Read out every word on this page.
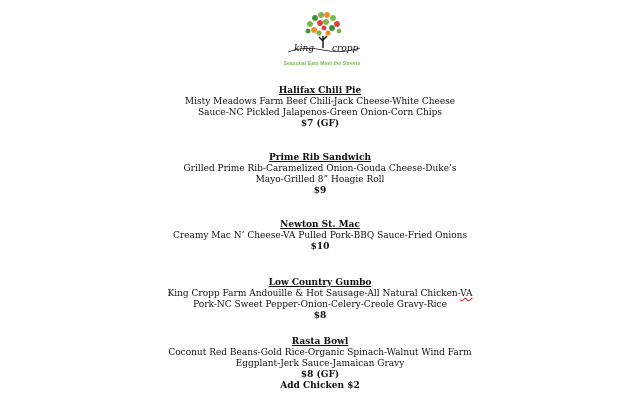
king cropp
Seasonal Eats Meet the Streets
Halifax Chili Pie
Misty Meadows Farm Beef Chili-Jack Cheese-White Cheese
Sauce-NC Pickled Jalapenos-Green Onion-Corn Chips
$7 (GF)
Prime Rib Sandwich
Grilled Prime Rib-Caramelized Onion-Gouda Cheese-Duke’s
Mayo-Grilled 8” Hoagie Roll
$9
Newton St. Mac
Creamy Mac N’ Cheese-VA Pulled Pork-BBQ Sauce-Fried Onions
$10
Low Country Gumbo
King Cropp Farm Andouille & Hot Sausage-All Natural Chicken-VA
Pork-NC Sweet Pepper-Onion-Celery-Creole Gravy-Rice
$8
Rasta Bowl
Coconut Red Beans-Gold Rice-Organic Spinach-Walnut Wind Farm
Eggplant-Jerk Sauce-Jamaican Gravy
$8 (GF)
Add Chicken $2
